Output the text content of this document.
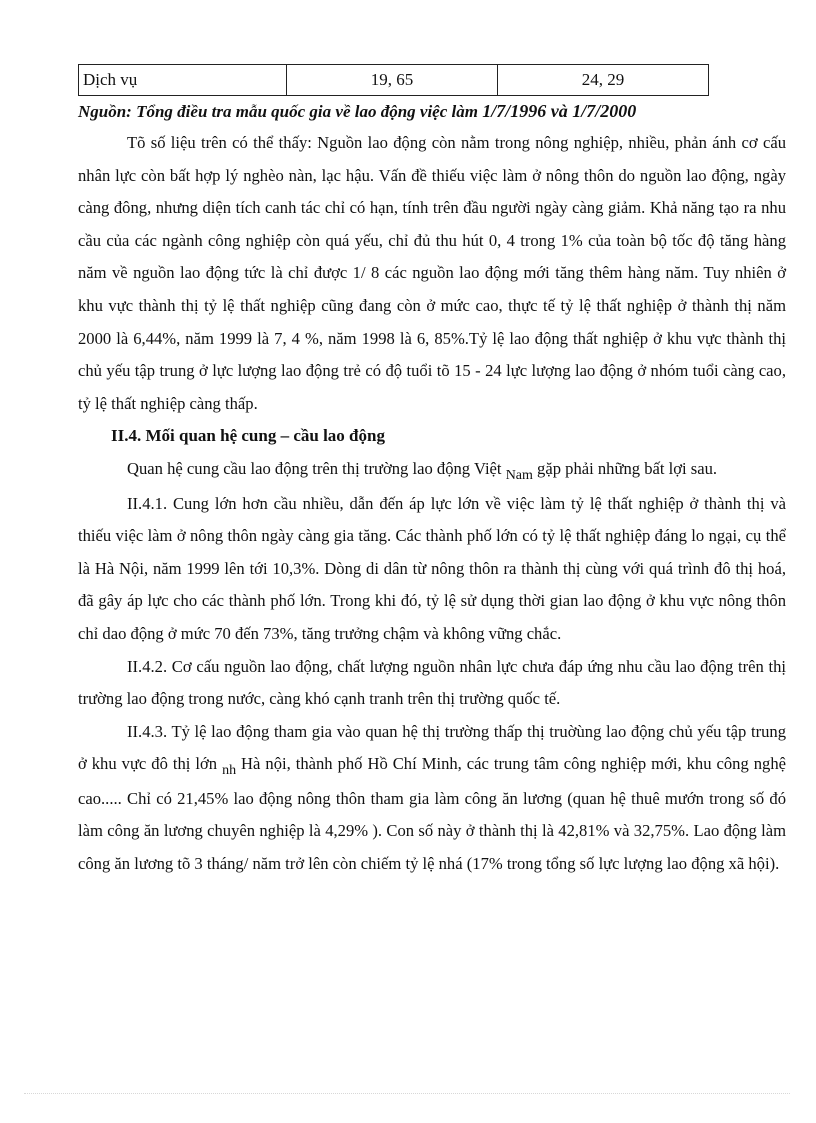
Dịch vụ	19, 65	24, 29
Nguồn: Tổng điều tra mẫu quốc gia về lao động việc làm 1/7/1996 và 1/7/2000

Tõ số liệu trên có thể thấy: Nguồn lao động còn nằm trong nông nghiệp, nhiều, phản ánh cơ cấu nhân lực còn bất hợp lý nghèo nàn, lạc hậu. Vấn đề thiếu việc làm ở nông thôn do nguồn lao động, ngày càng đông, nhưng diện tích canh tác chỉ có hạn, tính trên đầu người ngày càng giảm. Khả năng tạo ra nhu cầu của các ngành công nghiệp còn quá yếu, chỉ đủ thu hút 0, 4 trong 1% của toàn bộ tốc độ tăng hàng năm về nguồn lao động tức là chỉ được 1/ 8 các nguồn lao động mới tăng thêm hàng năm. Tuy nhiên ở khu vực thành thị tỷ lệ thất nghiệp cũng đang còn ở mức cao, thực tế tỷ lệ thất nghiệp ở thành thị năm 2000 là 6,44%, năm 1999 là 7, 4 %, năm 1998 là 6, 85%.Tỷ lệ lao động thất nghiệp ở khu vực thành thị chủ yếu tập trung ở lực lượng lao động trẻ có độ tuổi tõ 15 - 24 lực lượng lao động ở nhóm tuổi càng cao, tỷ lệ thất nghiệp càng thấp.

II.4. Mối quan hệ cung – cầu lao động

Quan hệ cung cầu lao động trên thị trường lao động Việt $_{Nam}$ gặp phải những bất lợi sau.

II.4.1. Cung lớn hơn cầu nhiều, dẫn đến áp lực lớn về việc làm tỷ lệ thất nghiệp ở thành thị và thiếu việc làm ở nông thôn ngày càng gia tăng. Các thành phố lớn có tỷ lệ thất nghiệp đáng lo ngại, cụ thể là Hà Nội, năm 1999 lên tới 10,3%. Dòng di dân từ nông thôn ra thành thị cùng với quá trình đô thị hoá, đã gây áp lực cho các thành phố lớn. Trong khi đó, tỷ lệ sử dụng thời gian lao động ở khu vực nông thôn chỉ dao động ở mức 70 đến 73%, tăng trưởng chậm và không vững chắc.

II.4.2. Cơ cấu nguồn lao động, chất lượng nguồn nhân lực chưa đáp ứng nhu cầu lao động trên thị trường lao động trong nước, càng khó cạnh tranh trên thị trường quốc tế.

II.4.3. Tỷ lệ lao động tham gia vào quan hệ thị trường thấp thị truờùng lao động chủ yếu tập trung ở khu vực đô thị lớn $_{nh}$ Hà nội, thành phố Hồ Chí Minh, các trung tâm công nghiệp mới, khu công nghệ cao..... Chỉ có 21,45% lao động nông thôn tham gia làm công ăn lương (quan hệ thuê mướn trong số đó làm công ăn lương chuyên nghiệp là 4,29% ). Con số này ở thành thị là 42,81% và 32,75%. Lao động làm công ăn lương tõ 3 tháng/ năm trở lên còn chiếm tỷ lệ nhá (17% trong tổng số lực lượng lao động xã hội).
